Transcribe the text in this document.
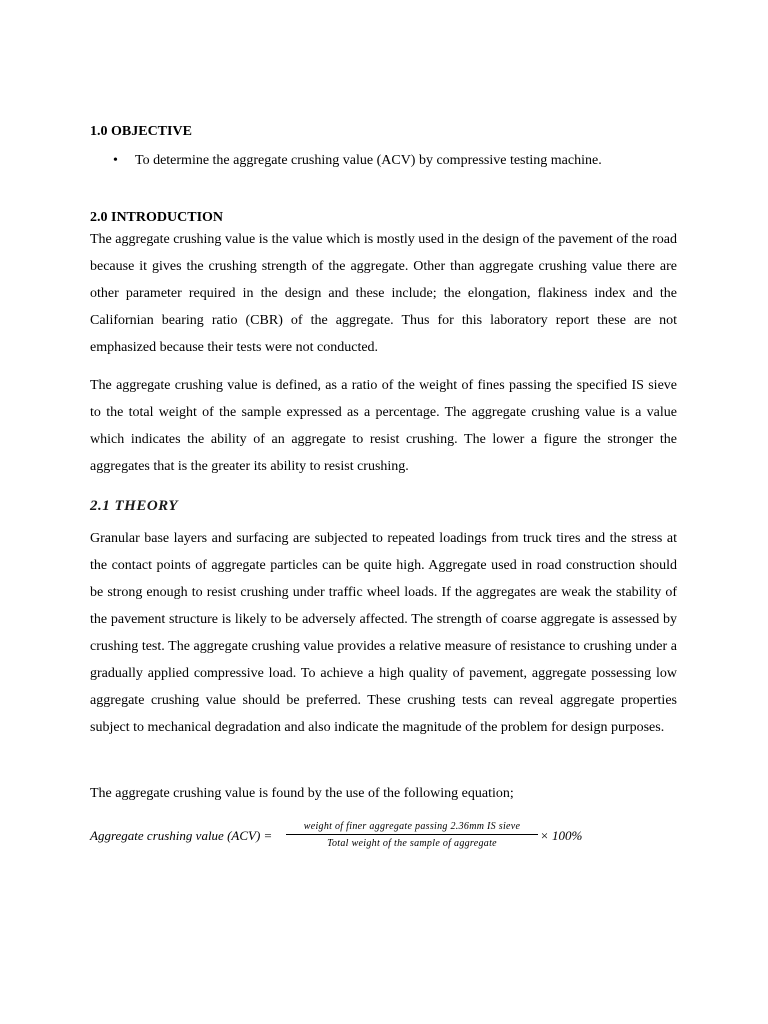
1.0 OBJECTIVE
• To determine the aggregate crushing value (ACV) by compressive testing machine.
2.0 INTRODUCTION

The aggregate crushing value is the value which is mostly used in the design of the pavement of the road because it gives the crushing strength of the aggregate. Other than aggregate crushing value there are other parameter required in the design and these include; the elongation, flakiness index and the Californian bearing ratio (CBR) of the aggregate. Thus for this laboratory report these are not emphasized because their tests were not conducted.

The aggregate crushing value is defined, as a ratio of the weight of fines passing the specified IS sieve to the total weight of the sample expressed as a percentage. The aggregate crushing value is a value which indicates the ability of an aggregate to resist crushing. The lower a figure the stronger the aggregates that is the greater its ability to resist crushing.

2.1 THEORY

Granular base layers and surfacing are subjected to repeated loadings from truck tires and the stress at the contact points of aggregate particles can be quite high. Aggregate used in road construction should be strong enough to resist crushing under traffic wheel loads. If the aggregates are weak the stability of the pavement structure is likely to be adversely affected. The strength of coarse aggregate is assessed by crushing test. The aggregate crushing value provides a relative measure of resistance to crushing under a gradually applied compressive load. To achieve a high quality of pavement, aggregate possessing low aggregate crushing value should be preferred. These crushing tests can reveal aggregate properties subject to mechanical degradation and also indicate the magnitude of the problem for design purposes.

The aggregate crushing value is found by the use of the following equation;

Aggregate crushing value (ACV) =
weight of finer aggregate passing 2.36mm IS sieve
Total weight of the sample of aggregate
× 100%
